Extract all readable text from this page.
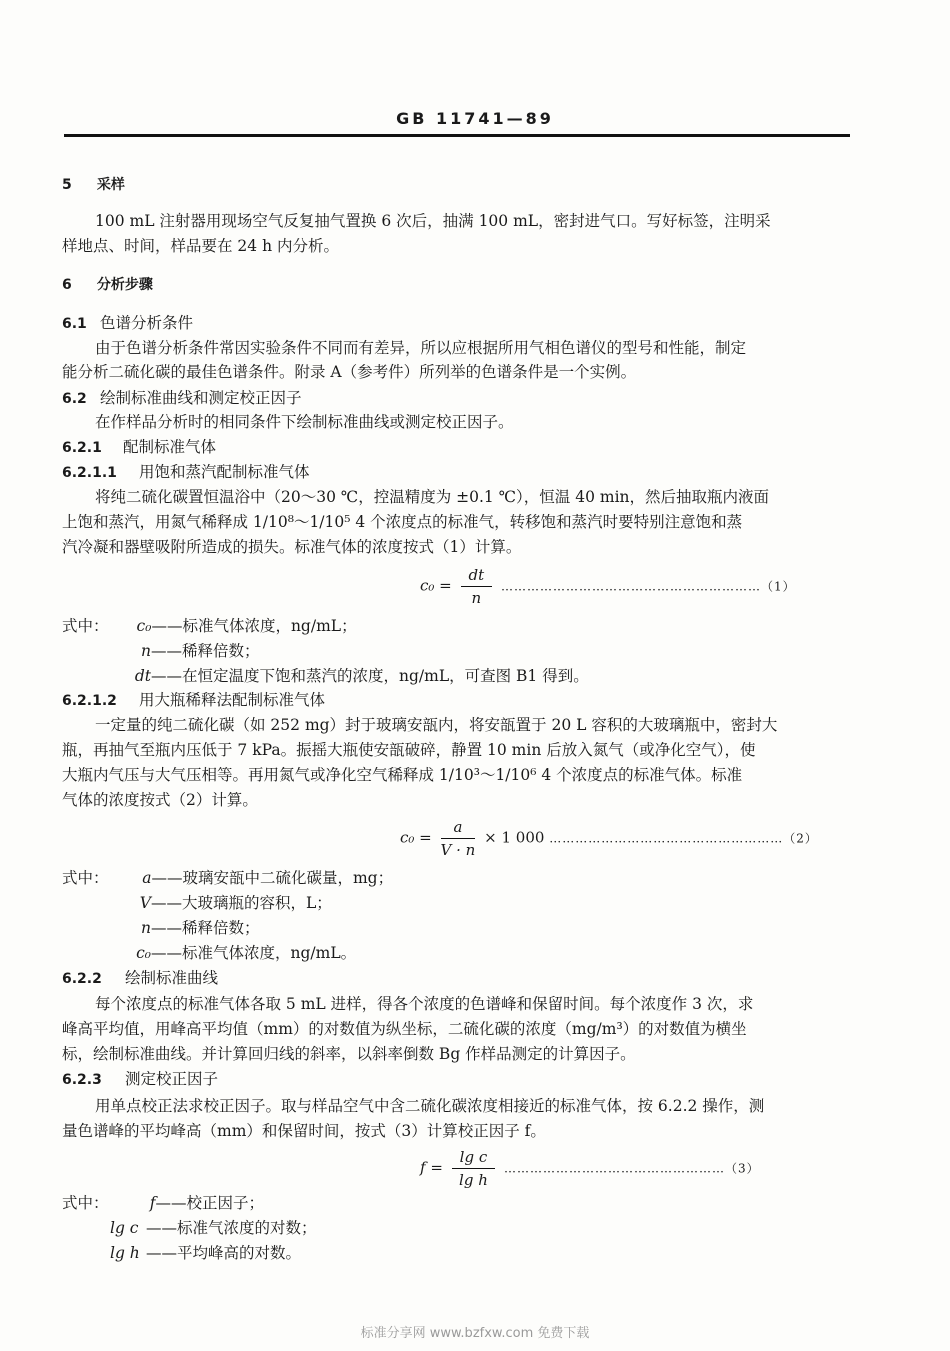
GB 11741—89
5 采样
100 mL 注射器用现场空气反复抽气置换 6 次后，抽满 100 mL，密封进气口。写好标签，注明采
样地点、时间，样品要在 24 h 内分析。
6 分析步骤
6.1 色谱分析条件
由于色谱分析条件常因实验条件不同而有差异，所以应根据所用气相色谱仪的型号和性能，制定
能分析二硫化碳的最佳色谱条件。附录 A（参考件）所列举的色谱条件是一个实例。
6.2 绘制标准曲线和测定校正因子
在作样品分析时的相同条件下绘制标准曲线或测定校正因子。
6.2.1 配制标准气体
6.2.1.1 用饱和蒸汽配制标准气体
将纯二硫化碳置恒温浴中（20～30 ℃，控温精度为 ±0.1 ℃），恒温 40 min，然后抽取瓶内液面
上饱和蒸汽，用氮气稀释成 1/10⁸～1/10⁵ 4 个浓度点的标准气，转移饱和蒸汽时要特别注意饱和蒸
汽冷凝和器壁吸附所造成的损失。标准气体的浓度按式（1）计算。
$c_0 = \frac{dt}{n}$ ……………………………………………………（1）
式中： c₀——标准气体浓度，ng/mL；
n——稀释倍数；
dt——在恒定温度下饱和蒸汽的浓度，ng/mL，可查图 B1 得到。
6.2.1.2 用大瓶稀释法配制标准气体
一定量的纯二硫化碳（如 252 mg）封于玻璃安瓿内，将安瓿置于 20 L 容积的大玻璃瓶中，密封大
瓶，再抽气至瓶内压低于 7 kPa。振摇大瓶使安瓿破碎，静置 10 min 后放入氮气（或净化空气），使
大瓶内气压与大气压相等。再用氮气或净化空气稀释成 1/10³～1/10⁶ 4 个浓度点的标准气体。标准
气体的浓度按式（2）计算。
$c_0 = \frac{a}{V \cdot n} \times 1$ 000 ………………………………………………（2）
式中： a——玻璃安瓿中二硫化碳量，mg；
V——大玻璃瓶的容积，L；
n——稀释倍数；
c₀——标准气体浓度，ng/mL。
6.2.2 绘制标准曲线
每个浓度点的标准气体各取 5 mL 进样，得各个浓度的色谱峰和保留时间。每个浓度作 3 次，求
峰高平均值，用峰高平均值（mm）的对数值为纵坐标，二硫化碳的浓度（mg/m³）的对数值为横坐
标，绘制标准曲线。并计算回归线的斜率，以斜率倒数 Bg 作样品测定的计算因子。
6.2.3 测定校正因子
用单点校正法求校正因子。取与样品空气中含二硫化碳浓度相接近的标准气体，按 6.2.2 操作，测
量色谱峰的平均峰高（mm）和保留时间，按式（3）计算校正因子 f。
$f = \frac{\text{lg c}}{\text{lg h}}$ ……………………………………………（3）
式中：	f——校正因子；
lg c ——标准气浓度的对数；
lg h ——平均峰高的对数。
标准分享网 www.bzfxw.com 免费下载
